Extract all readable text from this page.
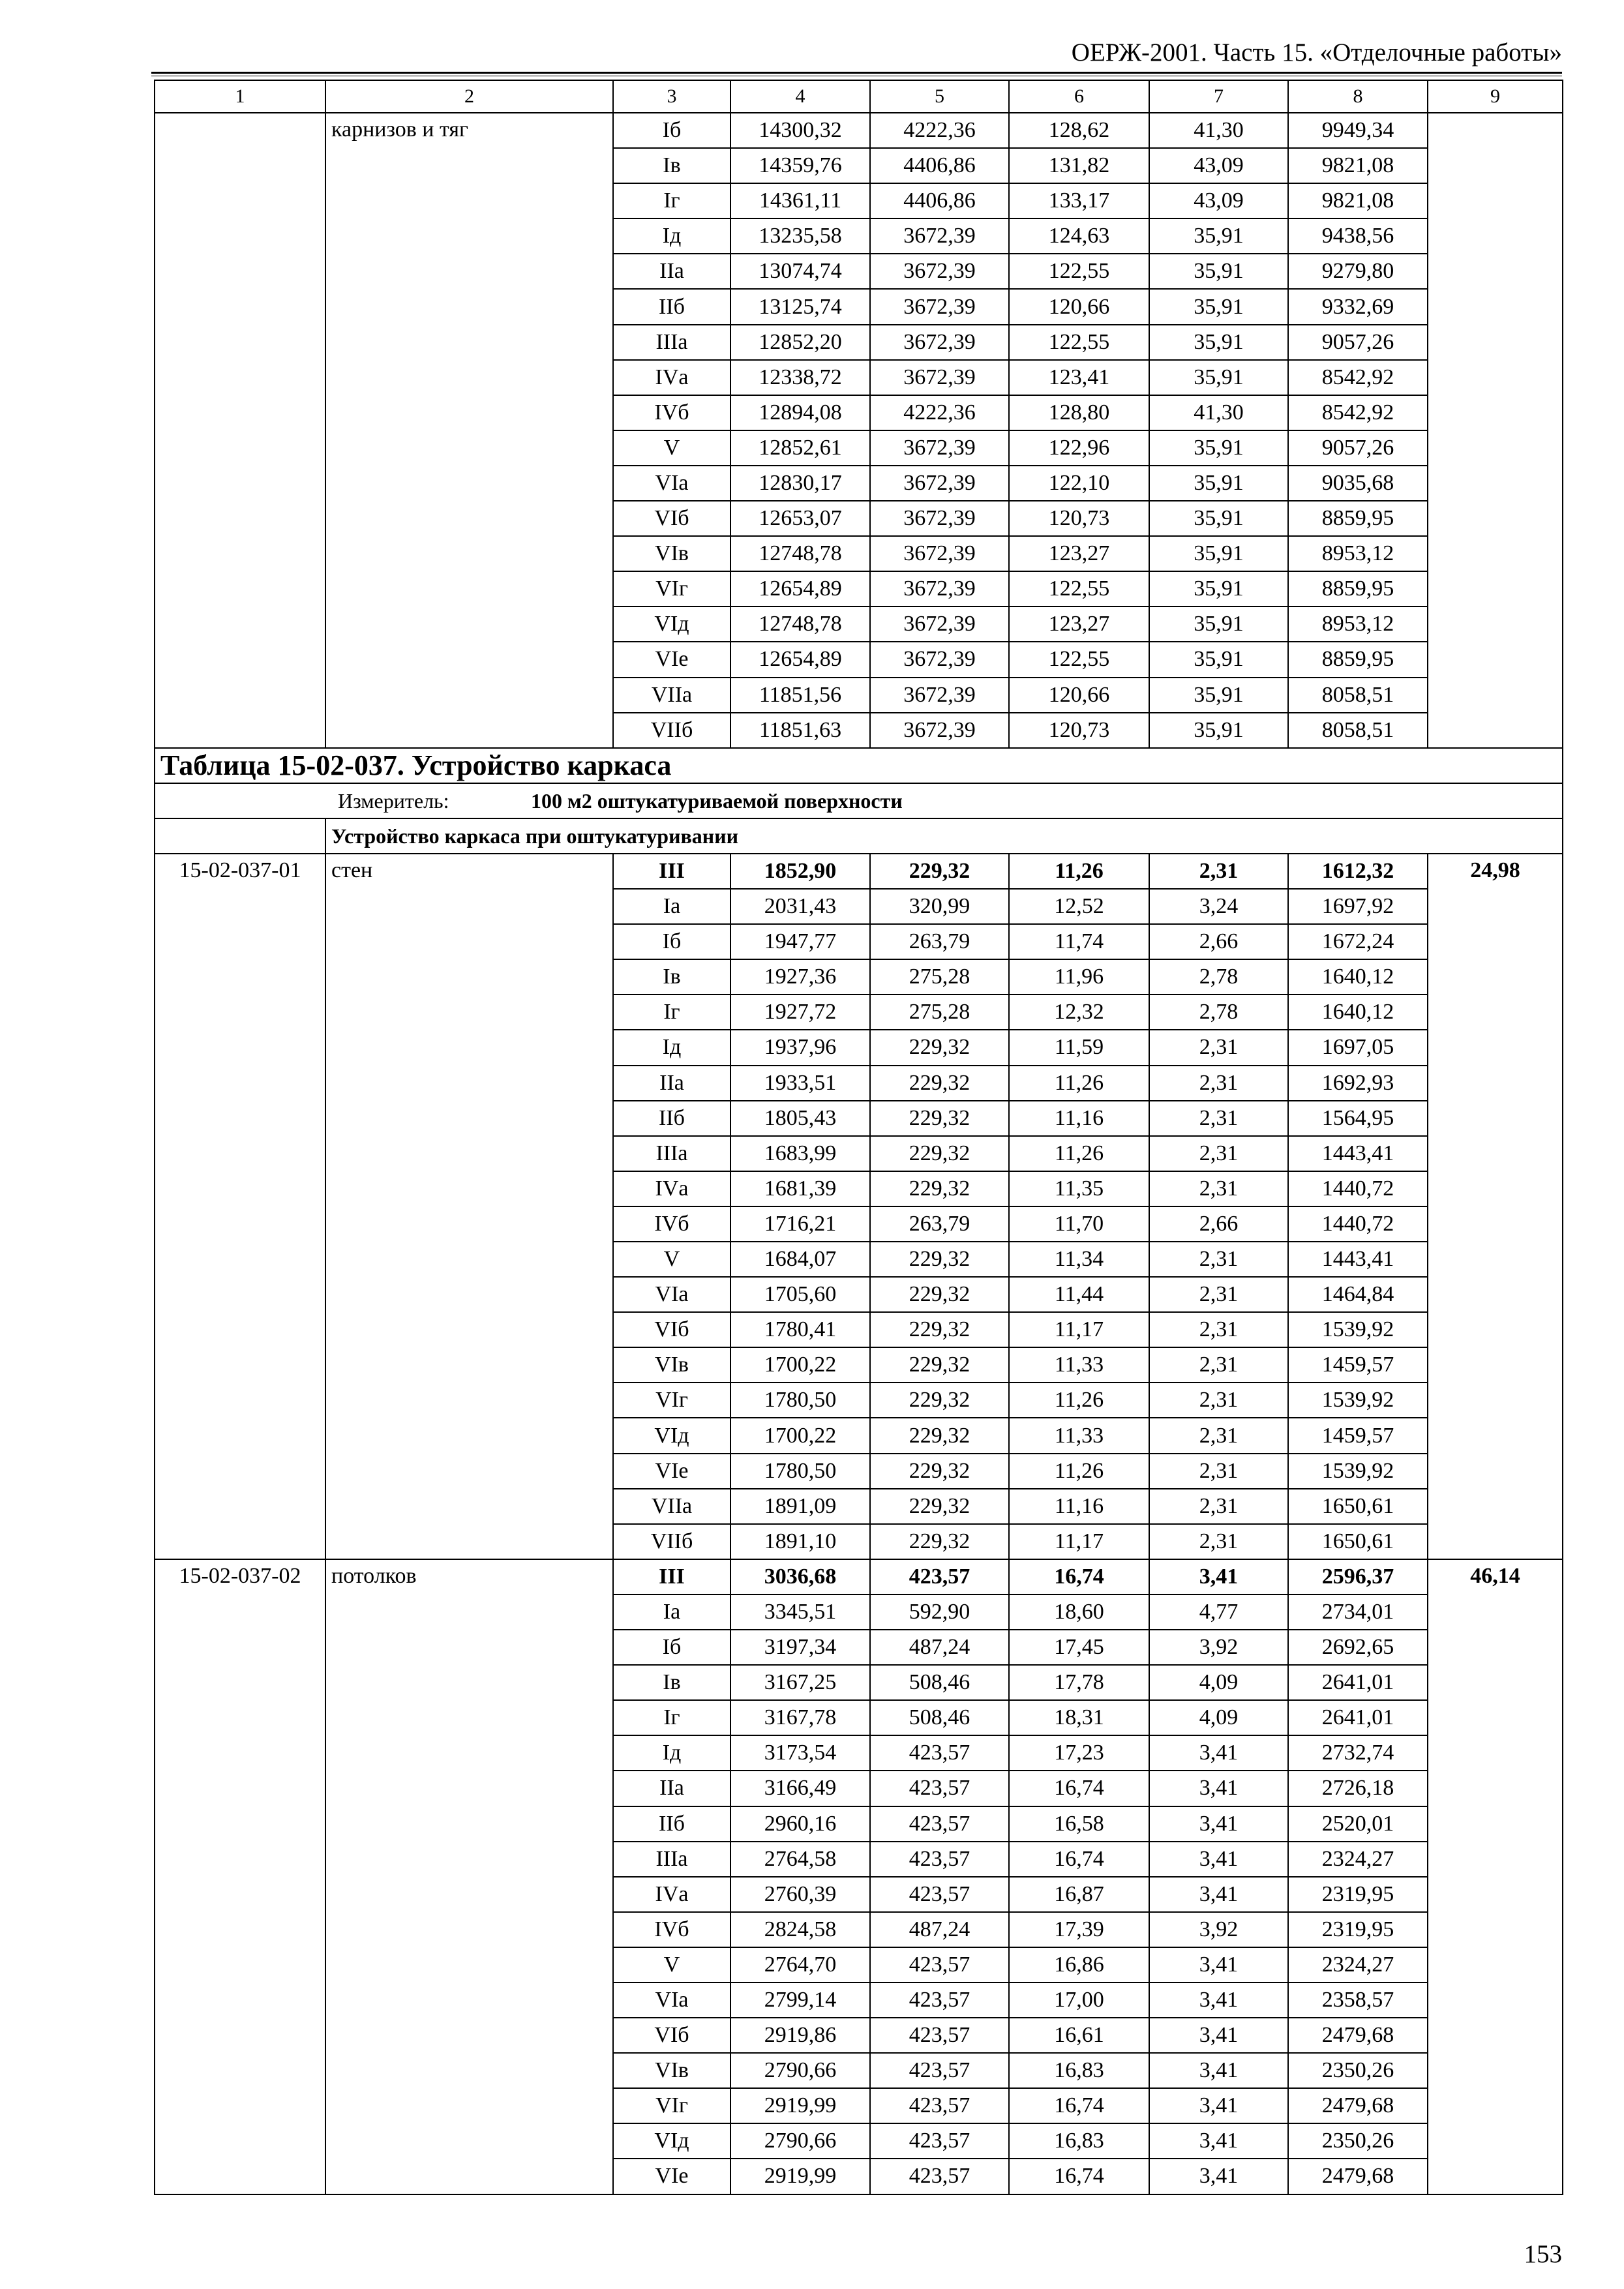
ОЕРЖ-2001. Часть 15. «Отделочные работы»
1	2	3	4	5	6	7	8	9
	карнизов и тяг	Iб	14300,32	4222,36	128,62	41,30	9949,34	
		Iв	14359,76	4406,86	131,82	43,09	9821,08	
		Iг	14361,11	4406,86	133,17	43,09	9821,08	
		Iд	13235,58	3672,39	124,63	35,91	9438,56	
		IIа	13074,74	3672,39	122,55	35,91	9279,80	
		IIб	13125,74	3672,39	120,66	35,91	9332,69	
		IIIа	12852,20	3672,39	122,55	35,91	9057,26	
		IVа	12338,72	3672,39	123,41	35,91	8542,92	
		IVб	12894,08	4222,36	128,80	41,30	8542,92	
		V	12852,61	3672,39	122,96	35,91	9057,26	
		VIа	12830,17	3672,39	122,10	35,91	9035,68	
		VIб	12653,07	3672,39	120,73	35,91	8859,95	
		VIв	12748,78	3672,39	123,27	35,91	8953,12	
		VIг	12654,89	3672,39	122,55	35,91	8859,95	
		VIд	12748,78	3672,39	123,27	35,91	8953,12	
		VIе	12654,89	3672,39	122,55	35,91	8859,95	
		VIIа	11851,56	3672,39	120,66	35,91	8058,51	
		VIIб	11851,63	3672,39	120,73	35,91	8058,51	
Таблица 15-02-037. Устройство каркаса								
Измеритель: 100 м2 оштукатуриваемой поверхности								
	Устройство каркаса при оштукатуривании							
15-02-037-01	стен	III	1852,90	229,32	11,26	2,31	1612,32	24,98
		Iа	2031,43	320,99	12,52	3,24	1697,92	
		Iб	1947,77	263,79	11,74	2,66	1672,24	
		Iв	1927,36	275,28	11,96	2,78	1640,12	
		Iг	1927,72	275,28	12,32	2,78	1640,12	
		Iд	1937,96	229,32	11,59	2,31	1697,05	
		IIа	1933,51	229,32	11,26	2,31	1692,93	
		IIб	1805,43	229,32	11,16	2,31	1564,95	
		IIIа	1683,99	229,32	11,26	2,31	1443,41	
		IVа	1681,39	229,32	11,35	2,31	1440,72	
		IVб	1716,21	263,79	11,70	2,66	1440,72	
		V	1684,07	229,32	11,34	2,31	1443,41	
		VIа	1705,60	229,32	11,44	2,31	1464,84	
		VIб	1780,41	229,32	11,17	2,31	1539,92	
		VIв	1700,22	229,32	11,33	2,31	1459,57	
		VIг	1780,50	229,32	11,26	2,31	1539,92	
		VIд	1700,22	229,32	11,33	2,31	1459,57	
		VIе	1780,50	229,32	11,26	2,31	1539,92	
		VIIа	1891,09	229,32	11,16	2,31	1650,61	
		VIIб	1891,10	229,32	11,17	2,31	1650,61	
15-02-037-02	потолков	III	3036,68	423,57	16,74	3,41	2596,37	46,14
		Iа	3345,51	592,90	18,60	4,77	2734,01	
		Iб	3197,34	487,24	17,45	3,92	2692,65	
		Iв	3167,25	508,46	17,78	4,09	2641,01	
		Iг	3167,78	508,46	18,31	4,09	2641,01	
		Iд	3173,54	423,57	17,23	3,41	2732,74	
		IIа	3166,49	423,57	16,74	3,41	2726,18	
		IIб	2960,16	423,57	16,58	3,41	2520,01	
		IIIа	2764,58	423,57	16,74	3,41	2324,27	
		IVа	2760,39	423,57	16,87	3,41	2319,95	
		IVб	2824,58	487,24	17,39	3,92	2319,95	
		V	2764,70	423,57	16,86	3,41	2324,27	
		VIа	2799,14	423,57	17,00	3,41	2358,57	
		VIб	2919,86	423,57	16,61	3,41	2479,68	
		VIв	2790,66	423,57	16,83	3,41	2350,26	
		VIг	2919,99	423,57	16,74	3,41	2479,68	
		VIд	2790,66	423,57	16,83	3,41	2350,26	
		VIе	2919,99	423,57	16,74	3,41	2479,68	
153
